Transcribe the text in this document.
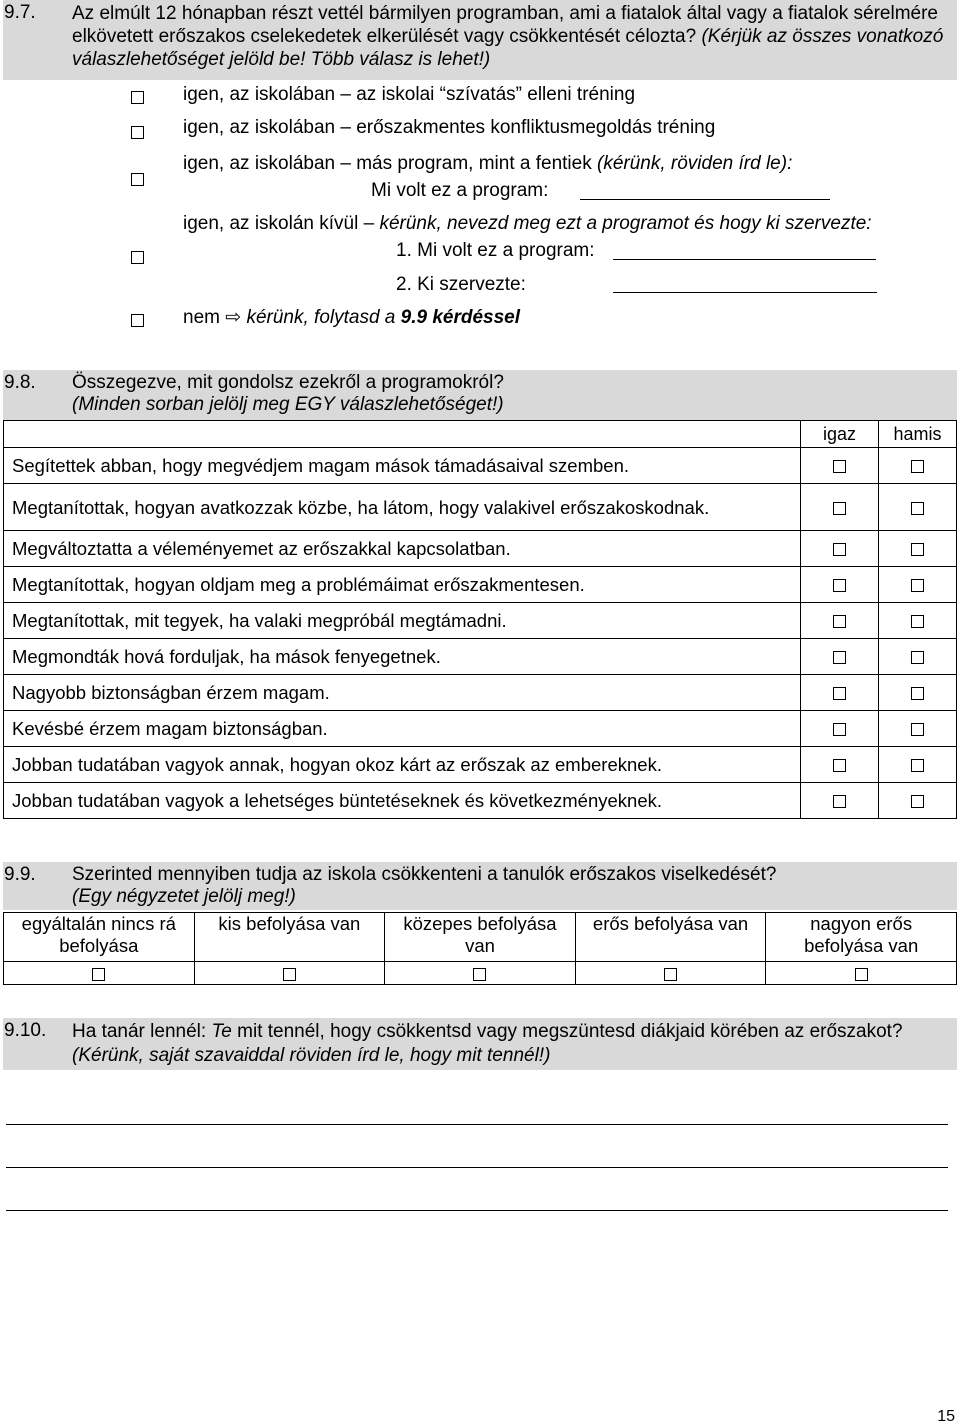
9.7. Az elmúlt 12 hónapban részt vettél bármilyen programban, ami a fiatalok által vagy a fiatalok sérelmére elkövetett erőszakos cselekedetek elkerülését vagy csökkentését célozta? (Kérjük az összes vonatkozó válaszlehetőséget jelöld be! Több válasz is lehet!)
igen, az iskolában – az iskolai “szívatás” elleni tréning
igen, az iskolában – erőszakmentes konfliktusmegoldás tréning
igen, az iskolában – más program, mint a fentiek (kérünk, röviden írd le):
Mi volt ez a program:
igen, az iskolán kívül – kérünk, nevezd meg ezt a programot és hogy ki szervezte:
1. Mi volt ez a program:
2. Ki szervezte:
nem ⇨ kérünk, folytasd a 9.9 kérdéssel
9.8. Összegezve, mit gondolsz ezekről a programokról?
(Minden sorban jelölj meg EGY válaszlehetőséget!)
	igaz	hamis
Segítettek abban, hogy megvédjem magam mások támadásaival szemben.		
Megtanítottak, hogyan avatkozzak közbe, ha látom, hogy valakivel erőszakoskodnak.		
Megváltoztatta a véleményemet az erőszakkal kapcsolatban.		
Megtanítottak, hogyan oldjam meg a problémáimat erőszakmentesen.		
Megtanítottak, mit tegyek, ha valaki megpróbál megtámadni.		
Megmondták hová forduljak, ha mások fenyegetnek.		
Nagyobb biztonságban érzem magam.		
Kevésbé érzem magam biztonságban.		
Jobban tudatában vagyok annak, hogyan okoz kárt az erőszak az embereknek.		
Jobban tudatában vagyok a lehetséges büntetéseknek és következményeknek.		
9.9. Szerinted mennyiben tudja az iskola csökkenteni a tanulók erőszakos viselkedését?
(Egy négyzetet jelölj meg!)
egyáltalán nincs rá befolyása	kis befolyása van	közepes befolyása van	erős befolyása van	nagyon erős befolyása van

9.10. Ha tanár lennél: Te mit tennél, hogy csökkentsd vagy megszüntesd diákjaid körében az erőszakot? (Kérünk, saját szavaiddal röviden írd le, hogy mit tennél!)
15
